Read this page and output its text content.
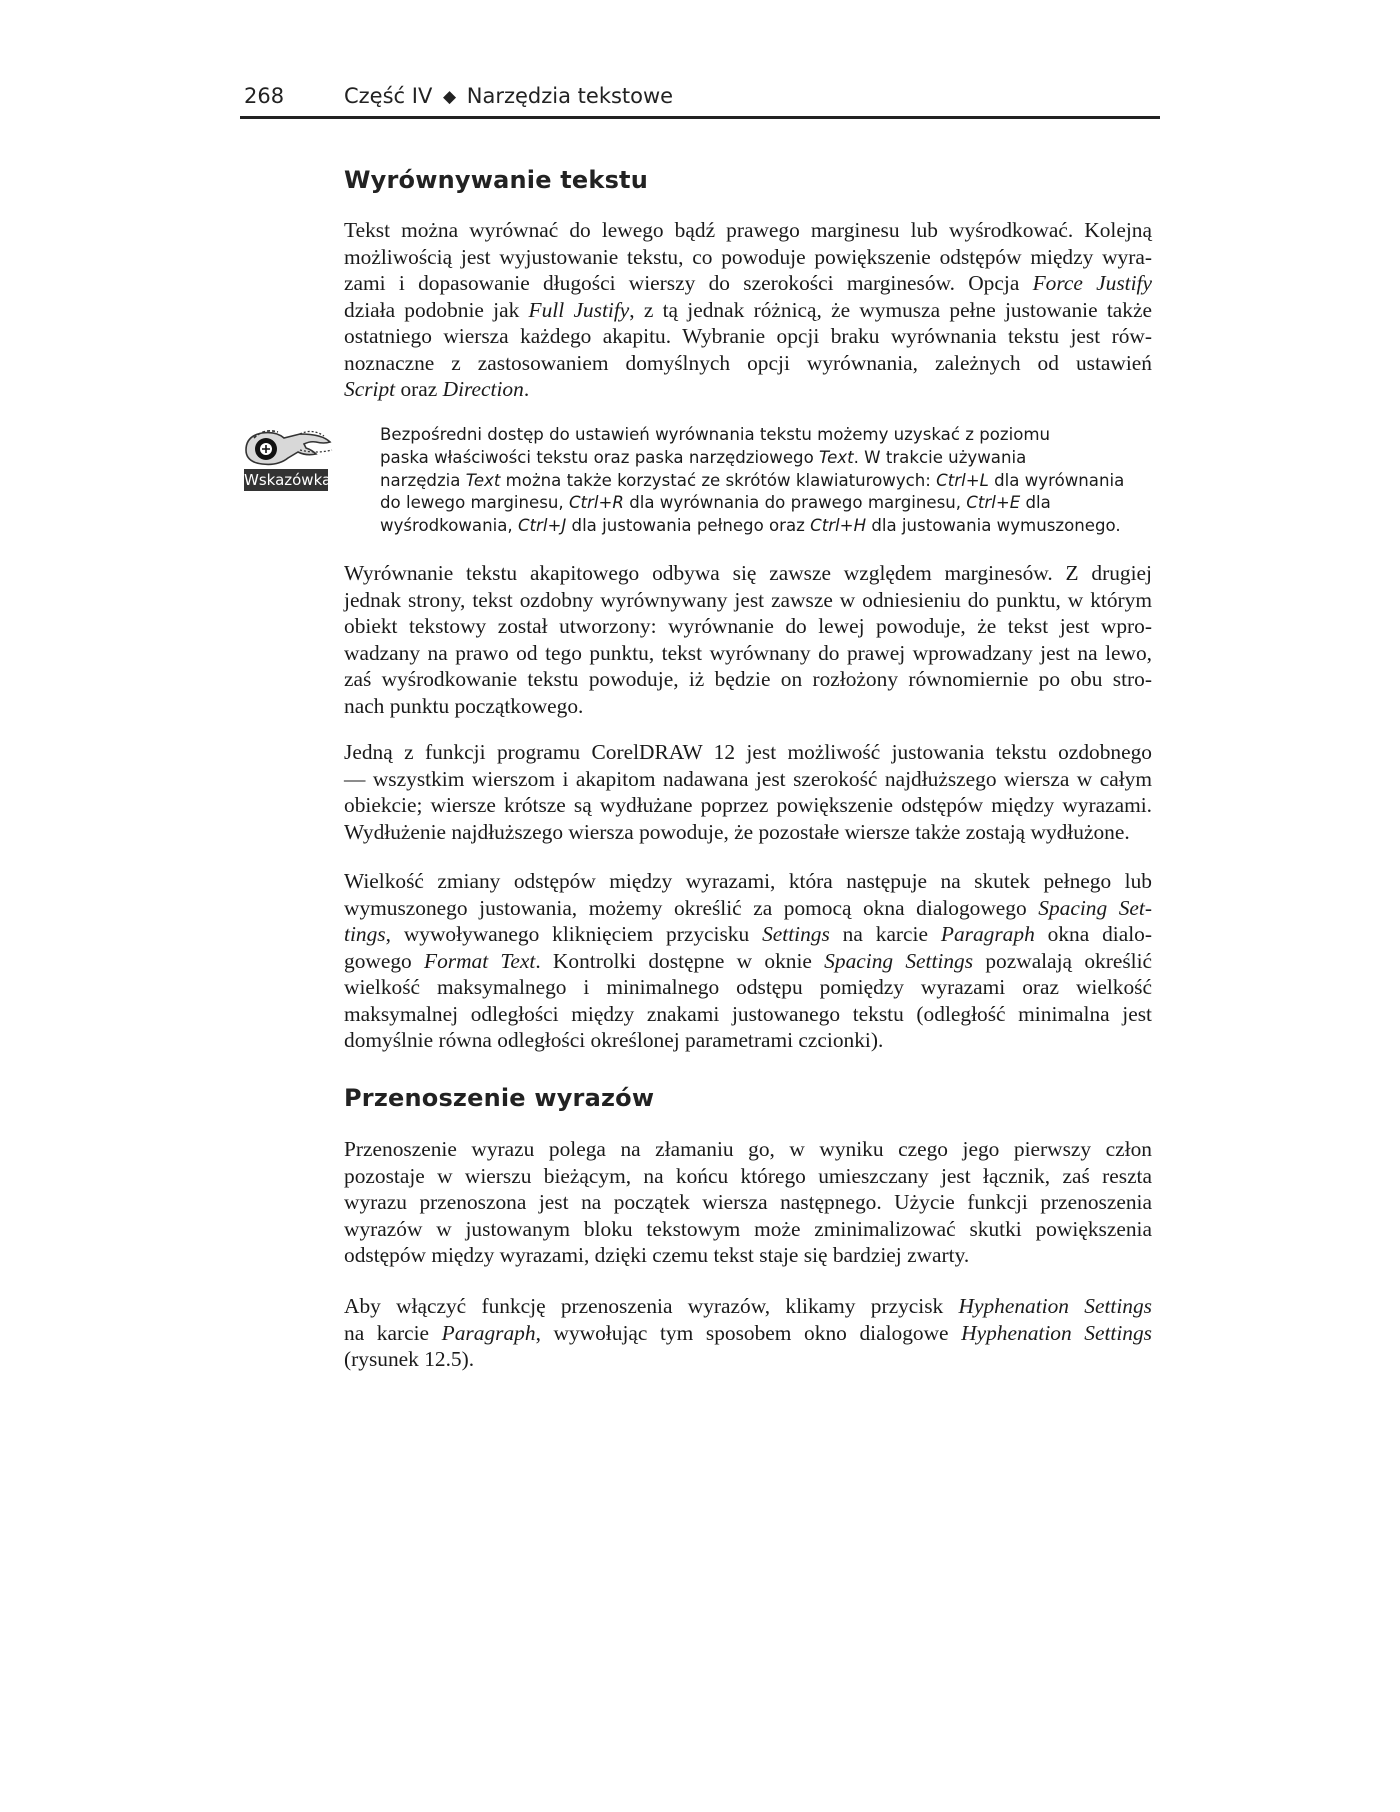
268	Część IV ◆ Narzędzia tekstowe
Wyrównywanie tekstu
Tekst można wyrównać do lewego bądź prawego marginesu lub wyśrodkować. Kolejną
możliwością jest wyjustowanie tekstu, co powoduje powiększenie odstępów między wyra-
zami i dopasowanie długości wierszy do szerokości marginesów. Opcja Force Justify
działa podobnie jak Full Justify, z tą jednak różnicą, że wymusza pełne justowanie także
ostatniego wiersza każdego akapitu. Wybranie opcji braku wyrównania tekstu jest rów-
noznaczne z zastosowaniem domyślnych opcji wyrównania, zależnych od ustawień
Script oraz Direction.
Wskazówka
Bezpośredni dostęp do ustawień wyrównania tekstu możemy uzyskać z poziomu
paska właściwości tekstu oraz paska narzędziowego Text. W trakcie używania
narzędzia Text można także korzystać ze skrótów klawiaturowych: Ctrl+L dla wyrównania
do lewego marginesu, Ctrl+R dla wyrównania do prawego marginesu, Ctrl+E dla
wyśrodkowania, Ctrl+J dla justowania pełnego oraz Ctrl+H dla justowania wymuszonego.
Wyrównanie tekstu akapitowego odbywa się zawsze względem marginesów. Z drugiej
jednak strony, tekst ozdobny wyrównywany jest zawsze w odniesieniu do punktu, w którym
obiekt tekstowy został utworzony: wyrównanie do lewej powoduje, że tekst jest wpro-
wadzany na prawo od tego punktu, tekst wyrównany do prawej wprowadzany jest na lewo,
zaś wyśrodkowanie tekstu powoduje, iż będzie on rozłożony równomiernie po obu stro-
nach punktu początkowego.
Jedną z funkcji programu CorelDRAW 12 jest możliwość justowania tekstu ozdobnego
— wszystkim wierszom i akapitom nadawana jest szerokość najdłuższego wiersza w całym
obiekcie; wiersze krótsze są wydłużane poprzez powiększenie odstępów między wyrazami.
Wydłużenie najdłuższego wiersza powoduje, że pozostałe wiersze także zostają wydłużone.
Wielkość zmiany odstępów między wyrazami, która następuje na skutek pełnego lub
wymuszonego justowania, możemy określić za pomocą okna dialogowego Spacing Set-
tings, wywoływanego kliknięciem przycisku Settings na karcie Paragraph okna dialo-
gowego Format Text. Kontrolki dostępne w oknie Spacing Settings pozwalają określić
wielkość maksymalnego i minimalnego odstępu pomiędzy wyrazami oraz wielkość
maksymalnej odległości między znakami justowanego tekstu (odległość minimalna jest
domyślnie równa odległości określonej parametrami czcionki).
Przenoszenie wyrazów
Przenoszenie wyrazu polega na złamaniu go, w wyniku czego jego pierwszy człon
pozostaje w wierszu bieżącym, na końcu którego umieszczany jest łącznik, zaś reszta
wyrazu przenoszona jest na początek wiersza następnego. Użycie funkcji przenoszenia
wyrazów w justowanym bloku tekstowym może zminimalizować skutki powiększenia
odstępów między wyrazami, dzięki czemu tekst staje się bardziej zwarty.
Aby włączyć funkcję przenoszenia wyrazów, klikamy przycisk Hyphenation Settings
na karcie Paragraph, wywołując tym sposobem okno dialogowe Hyphenation Settings
(rysunek 12.5).
